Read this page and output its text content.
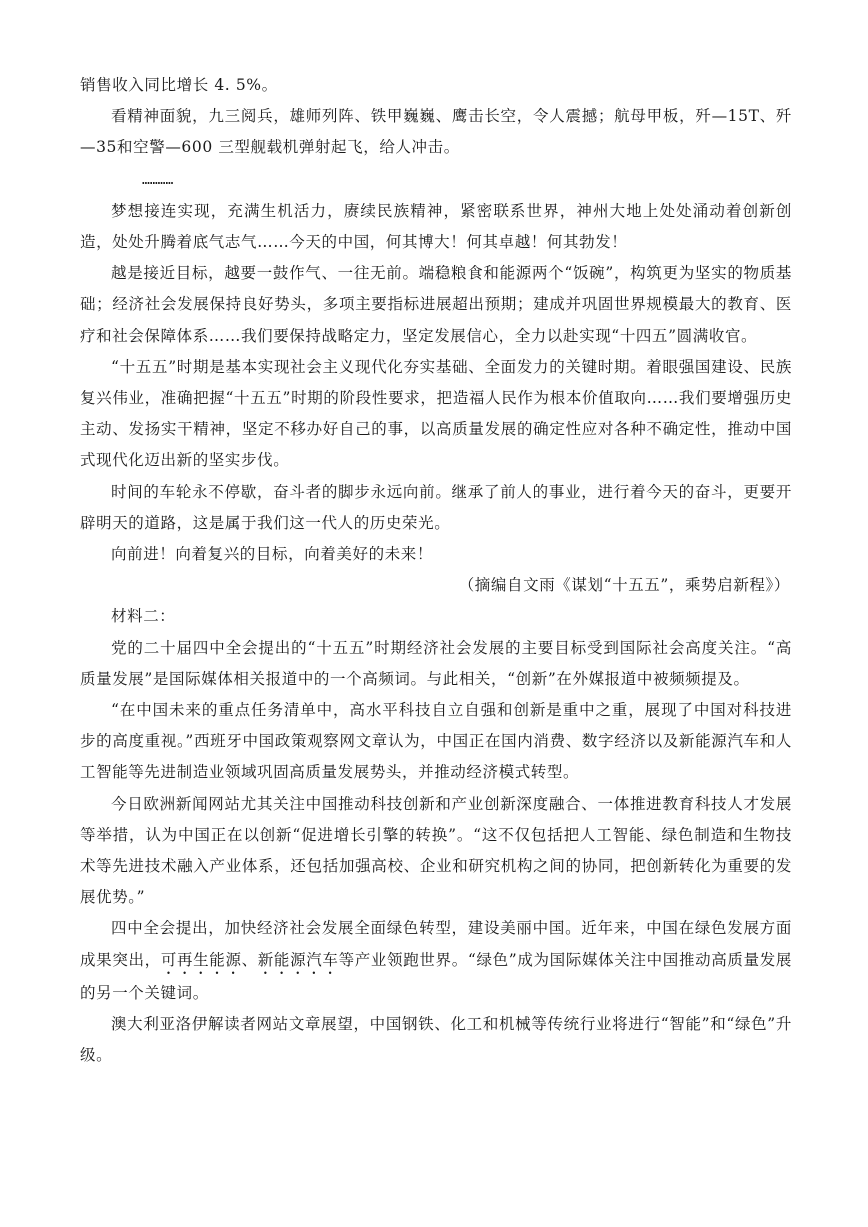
销售收入同比增长 4. 5%。

看精神面貌，九三阅兵，雄师列阵、铁甲巍巍、鹰击长空，令人震撼；航母甲板，歼—15T、歼—35和空警—600 三型舰载机弹射起飞，给人冲击。

…………

梦想接连实现，充满生机活力，赓续民族精神，紧密联系世界，神州大地上处处涌动着创新创造，处处升腾着底气志气……今天的中国，何其博大！何其卓越！何其勃发！

越是接近目标，越要一鼓作气、一往无前。端稳粮食和能源两个“饭碗”，构筑更为坚实的物质基础；经济社会发展保持良好势头，多项主要指标进展超出预期；建成并巩固世界规模最大的教育、医疗和社会保障体系……我们要保持战略定力，坚定发展信心，全力以赴实现“十四五”圆满收官。

“十五五”时期是基本实现社会主义现代化夯实基础、全面发力的关键时期。着眼强国建设、民族复兴伟业，准确把握“十五五”时期的阶段性要求，把造福人民作为根本价值取向……我们要增强历史主动、发扬实干精神，坚定不移办好自己的事，以高质量发展的确定性应对各种不确定性，推动中国式现代化迈出新的坚实步伐。

时间的车轮永不停歇，奋斗者的脚步永远向前。继承了前人的事业，进行着今天的奋斗，更要开辟明天的道路，这是属于我们这一代人的历史荣光。

向前进！向着复兴的目标，向着美好的未来！

（摘编自文雨《谋划“十五五”，乘势启新程》）

材料二：

党的二十届四中全会提出的“十五五”时期经济社会发展的主要目标受到国际社会高度关注。“高质量发展”是国际媒体相关报道中的一个高频词。与此相关，“创新”在外媒报道中被频频提及。

“在中国未来的重点任务清单中，高水平科技自立自强和创新是重中之重，展现了中国对科技进步的高度重视。”西班牙中国政策观察网文章认为，中国正在国内消费、数字经济以及新能源汽车和人工智能等先进制造业领域巩固高质量发展势头，并推动经济模式转型。

今日欧洲新闻网站尤其关注中国推动科技创新和产业创新深度融合、一体推进教育科技人才发展等举措，认为中国正在以创新“促进增长引擎的转换”。“这不仅包括把人工智能、绿色制造和生物技术等先进技术融入产业体系，还包括加强高校、企业和研究机构之间的协同，把创新转化为重要的发展优势。”

四中全会提出，加快经济社会发展全面绿色转型，建设美丽中国。近年来，中国在绿色发展方面成果突出，可再生能源、新能源汽车等产业领跑世界。“绿色”成为国际媒体关注中国推动高质量发展的另一个关键词。

澳大利亚洛伊解读者网站文章展望，中国钢铁、化工和机械等传统行业将进行“智能”和“绿色”升级。
